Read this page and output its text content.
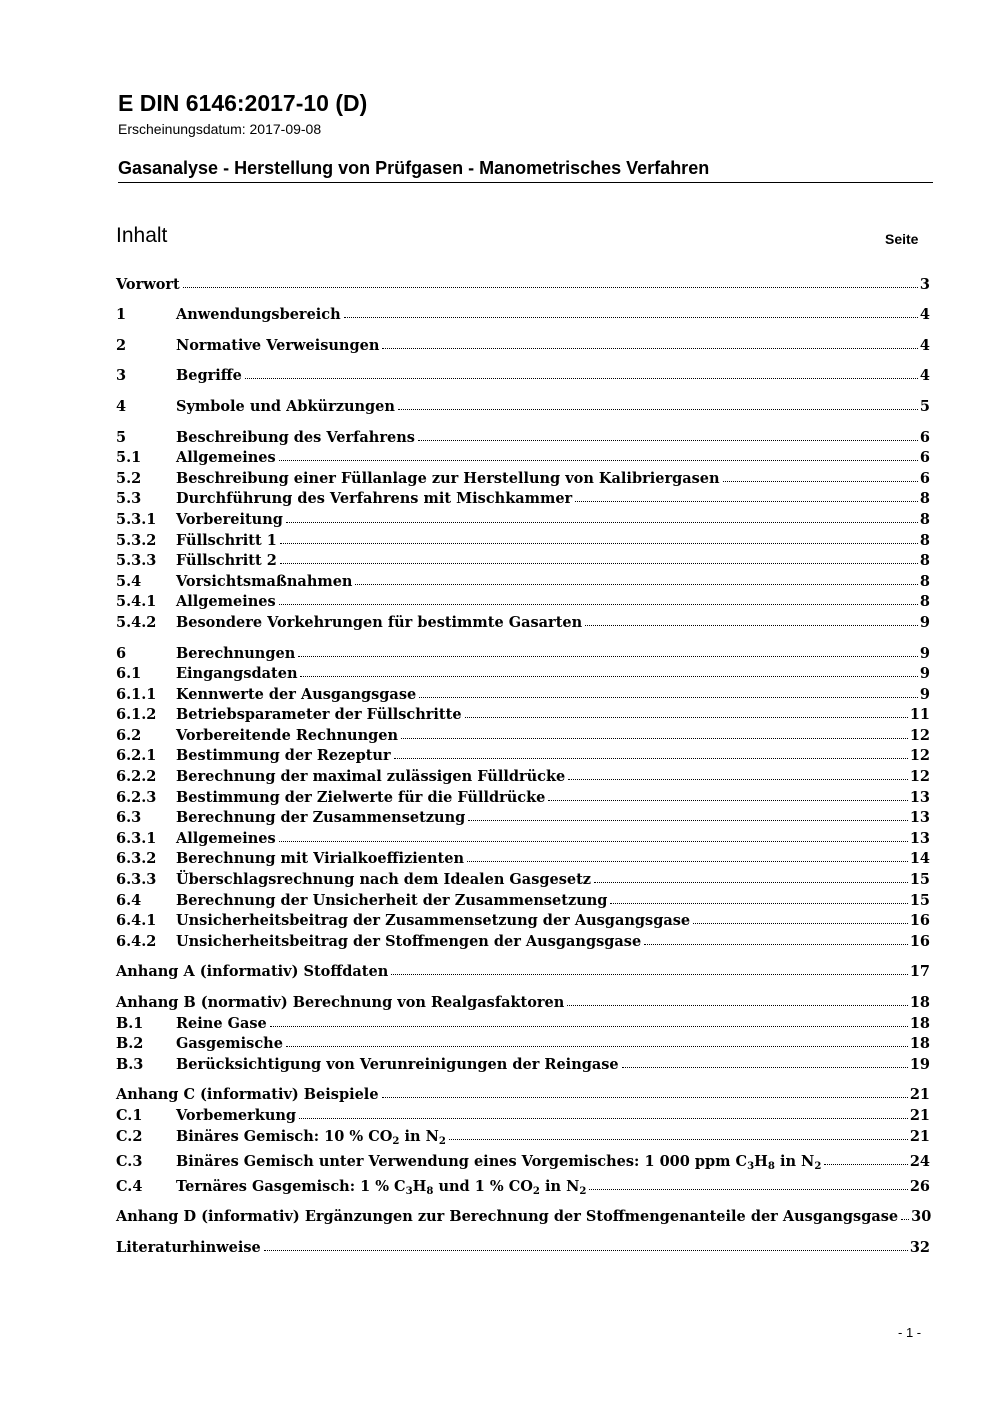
E DIN 6146:2017-10 (D)
Erscheinungsdatum: 2017-09-08
Gasanalyse - Herstellung von Prüfgasen - Manometrisches Verfahren
Inhalt	Seite
Vorwort	3
1	Anwendungsbereich	4
2	Normative Verweisungen	4
3	Begriffe	4
4	Symbole und Abkürzungen	5
5	Beschreibung des Verfahrens	6
5.1	Allgemeines	6
5.2	Beschreibung einer Füllanlage zur Herstellung von Kalibriergasen	6
5.3	Durchführung des Verfahrens mit Mischkammer	8
5.3.1	Vorbereitung	8
5.3.2	Füllschritt 1	8
5.3.3	Füllschritt 2	8
5.4	Vorsichtsmaßnahmen	8
5.4.1	Allgemeines	8
5.4.2	Besondere Vorkehrungen für bestimmte Gasarten	9
6	Berechnungen	9
6.1	Eingangsdaten	9
6.1.1	Kennwerte der Ausgangsgase	9
6.1.2	Betriebsparameter der Füllschritte	11
6.2	Vorbereitende Rechnungen	12
6.2.1	Bestimmung der Rezeptur	12
6.2.2	Berechnung der maximal zulässigen Fülldrücke	12
6.2.3	Bestimmung der Zielwerte für die Fülldrücke	13
6.3	Berechnung der Zusammensetzung	13
6.3.1	Allgemeines	13
6.3.2	Berechnung mit Virialkoeffizienten	14
6.3.3	Überschlagsrechnung nach dem Idealen Gasgesetz	15
6.4	Berechnung der Unsicherheit der Zusammensetzung	15
6.4.1	Unsicherheitsbeitrag der Zusammensetzung der Ausgangsgase	16
6.4.2	Unsicherheitsbeitrag der Stoffmengen der Ausgangsgase	16
Anhang A (informativ) Stoffdaten	17
Anhang B (normativ) Berechnung von Realgasfaktoren	18
B.1	Reine Gase	18
B.2	Gasgemische	18
B.3	Berücksichtigung von Verunreinigungen der Reingase	19
Anhang C (informativ) Beispiele	21
C.1	Vorbemerkung	21
C.2	Binäres Gemisch: 10 % $CO_2$ in $N_2$	21
C.3	Binäres Gemisch unter Verwendung eines Vorgemisches: 1 000 ppm $C_3H_8$ in $N_2$	24
C.4	Ternäres Gasgemisch: 1 % $C_3H_8$ und 1 % $CO_2$ in $N_2$	26
Anhang D (informativ) Ergänzungen zur Berechnung der Stoffmengenanteile der Ausgangsgase 30
Literaturhinweise	32
- 1 -
